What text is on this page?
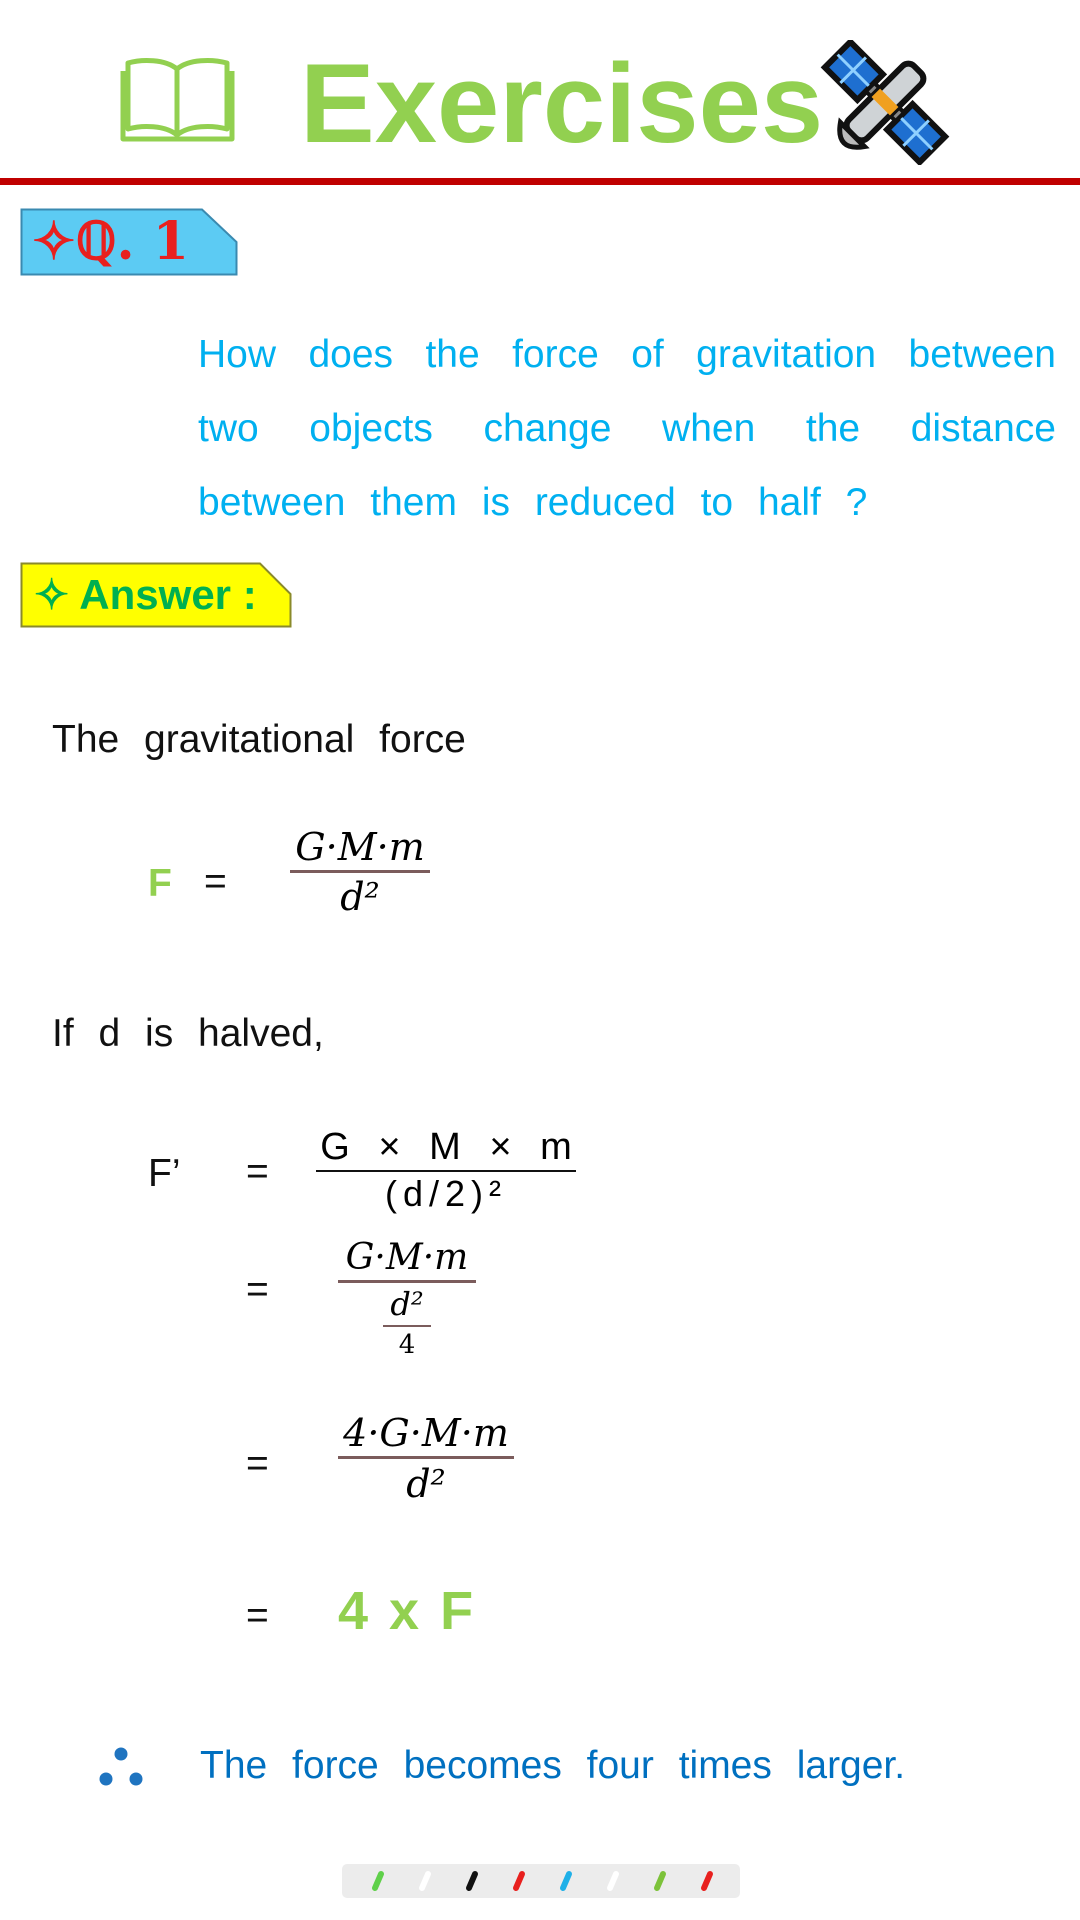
Exercises
✧ℚ. 1
How does the force of gravitation between two objects change when the distance between them is reduced to half ?
✧ Answer :
The gravitational force
F =
G·M·m
d²
If d is halved,
F’ =
G × M × m
(d/2)²
=
G·M·m
d²
4
=
4·G·M·m
d²
= 4 x F
The force becomes four times larger.
